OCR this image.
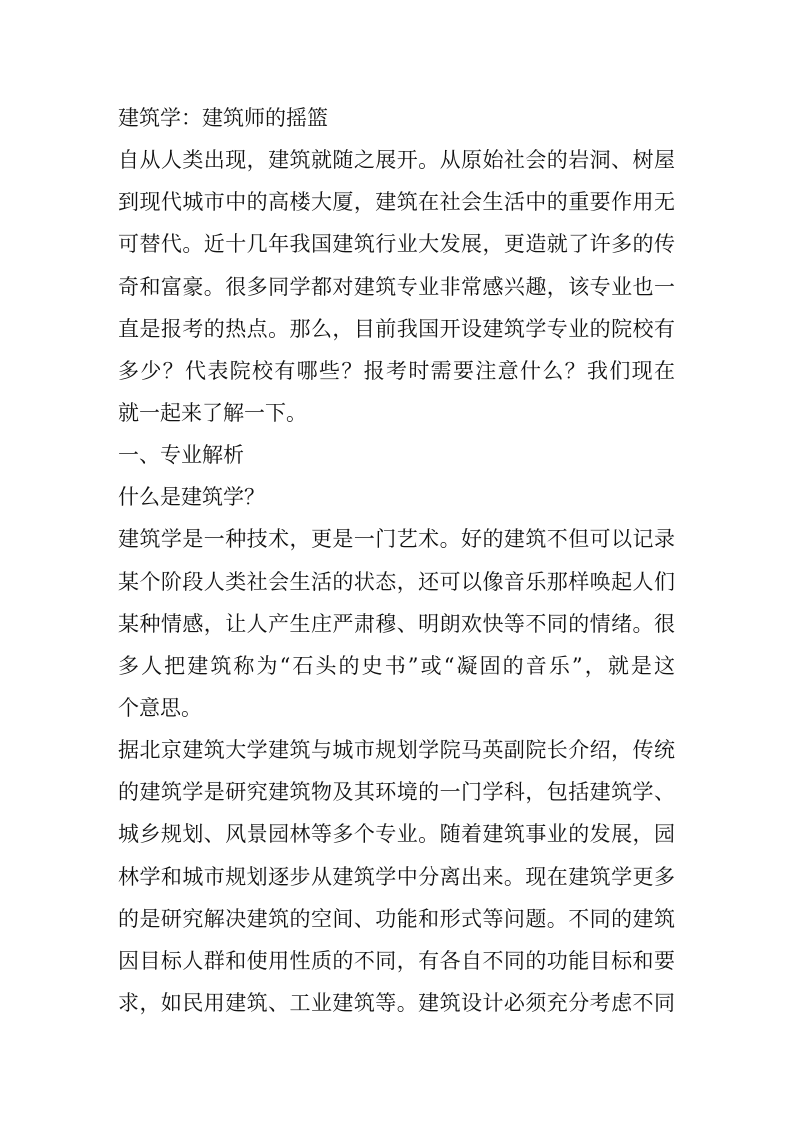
建筑学：建筑师的摇篮
自从人类出现，建筑就随之展开。从原始社会的岩洞、树屋
到现代城市中的高楼大厦，建筑在社会生活中的重要作用无
可替代。近十几年我国建筑行业大发展，更造就了许多的传
奇和富豪。很多同学都对建筑专业非常感兴趣，该专业也一
直是报考的热点。那么，目前我国开设建筑学专业的院校有
多少？代表院校有哪些？报考时需要注意什么？我们现在
就一起来了解一下。
一、专业解析
什么是建筑学？
建筑学是一种技术，更是一门艺术。好的建筑不但可以记录
某个阶段人类社会生活的状态，还可以像音乐那样唤起人们
某种情感，让人产生庄严肃穆、明朗欢快等不同的情绪。很
多人把建筑称为“石头的史书”或“凝固的音乐”，就是这
个意思。
据北京建筑大学建筑与城市规划学院马英副院长介绍，传统
的建筑学是研究建筑物及其环境的一门学科，包括建筑学、
城乡规划、风景园林等多个专业。随着建筑事业的发展，园
林学和城市规划逐步从建筑学中分离出来。现在建筑学更多
的是研究解决建筑的空间、功能和形式等问题。不同的建筑
因目标人群和使用性质的不同，有各自不同的功能目标和要
求，如民用建筑、工业建筑等。建筑设计必须充分考虑不同
